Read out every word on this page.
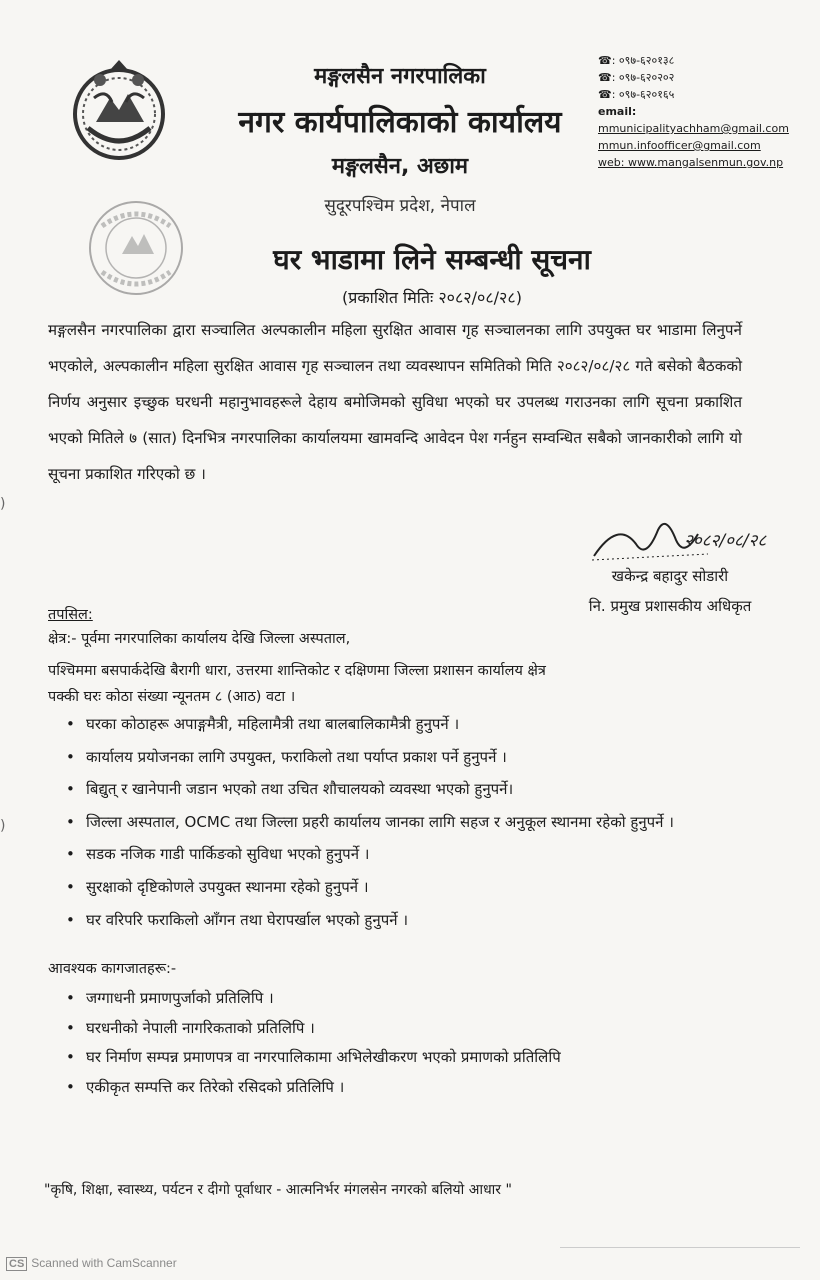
मङ्गलसैन नगरपालिका
नगर कार्यपालिकाको कार्यालय
मङ्गलसैन, अछाम
सुदूरपश्चिम प्रदेश, नेपाल
☎: ०९७-६२०१३८
☎: ०९७-६२०२०२
☎: ०९७-६२०१६५
email:
mmunicipalityachham@gmail.com
mmun.infoofficer@gmail.com
web: www.mangalsenmun.gov.np
घर भाडामा लिने सम्बन्धी सूचना
(प्रकाशित मितिः २०८२/०८/२८)
मङ्गलसैन नगरपालिका द्वारा सञ्चालित अल्पकालीन महिला सुरक्षित आवास गृह सञ्चालनका लागि उपयुक्त घर भाडामा लिनुपर्ने भएकोले, अल्पकालीन महिला सुरक्षित आवास गृह सञ्चालन तथा व्यवस्थापन समितिको मिति २०८२/०८/२८ गते बसेको बैठकको निर्णय अनुसार इच्छुक घरधनी महानुभावहरूले देहाय बमोजिमको सुविधा भएको घर उपलब्ध गराउनका लागि सूचना प्रकाशित भएको मितिले ७ (सात) दिनभित्र नगरपालिका कार्यालयमा खामवन्दि आवेदन पेश गर्नहुन सम्वन्धित सबैको जानकारीको लागि यो सूचना प्रकाशित गरिएको छ ।
२०८२/०८/२८
खकेन्द्र बहादुर सोडारी
नि. प्रमुख प्रशासकीय अधिकृत
तपसिल:
क्षेत्र:- पूर्वमा नगरपालिका कार्यालय देखि जिल्ला अस्पताल,
पश्चिममा बसपार्कदेखि बैरागी धारा, उत्तरमा शान्तिकोट र दक्षिणमा जिल्ला प्रशासन कार्यालय क्षेत्र
पक्की घरः कोठा संख्या न्यूनतम ८ (आठ) वटा ।
• घरका कोठाहरू अपाङ्गमैत्री, महिलामैत्री तथा बालबालिकामैत्री हुनुपर्ने ।
• कार्यालय प्रयोजनका लागि उपयुक्त, फराकिलो तथा पर्याप्त प्रकाश पर्ने हुनुपर्ने ।
• बिद्युत् र खानेपानी जडान भएको तथा उचित शौचालयको व्यवस्था भएको हुनुपर्ने।
• जिल्ला अस्पताल, OCMC तथा जिल्ला प्रहरी कार्यालय जानका लागि सहज र अनुकूल स्थानमा रहेको हुनुपर्ने ।
• सडक नजिक गाडी पार्किङको सुविधा भएको हुनुपर्ने ।
• सुरक्षाको दृष्टिकोणले उपयुक्त स्थानमा रहेको हुनुपर्ने ।
• घर वरिपरि फराकिलो आँगन तथा घेरापर्खाल भएको हुनुपर्ने ।
आवश्यक कागजातहरू:-
• जग्गाधनी प्रमाणपुर्जाको प्रतिलिपि ।
• घरधनीको नेपाली नागरिकताको प्रतिलिपि ।
• घर निर्माण सम्पन्न प्रमाणपत्र वा नगरपालिकामा अभिलेखीकरण भएको प्रमाणको प्रतिलिपि
• एकीकृत सम्पत्ति कर तिरेको रसिदको प्रतिलिपि ।
)
)
"कृषि, शिक्षा, स्वास्थ्य, पर्यटन र दीगो पूर्वाधार - आत्मनिर्भर मंगलसेन नगरको बलियो आधार "
CS Scanned with CamScanner
